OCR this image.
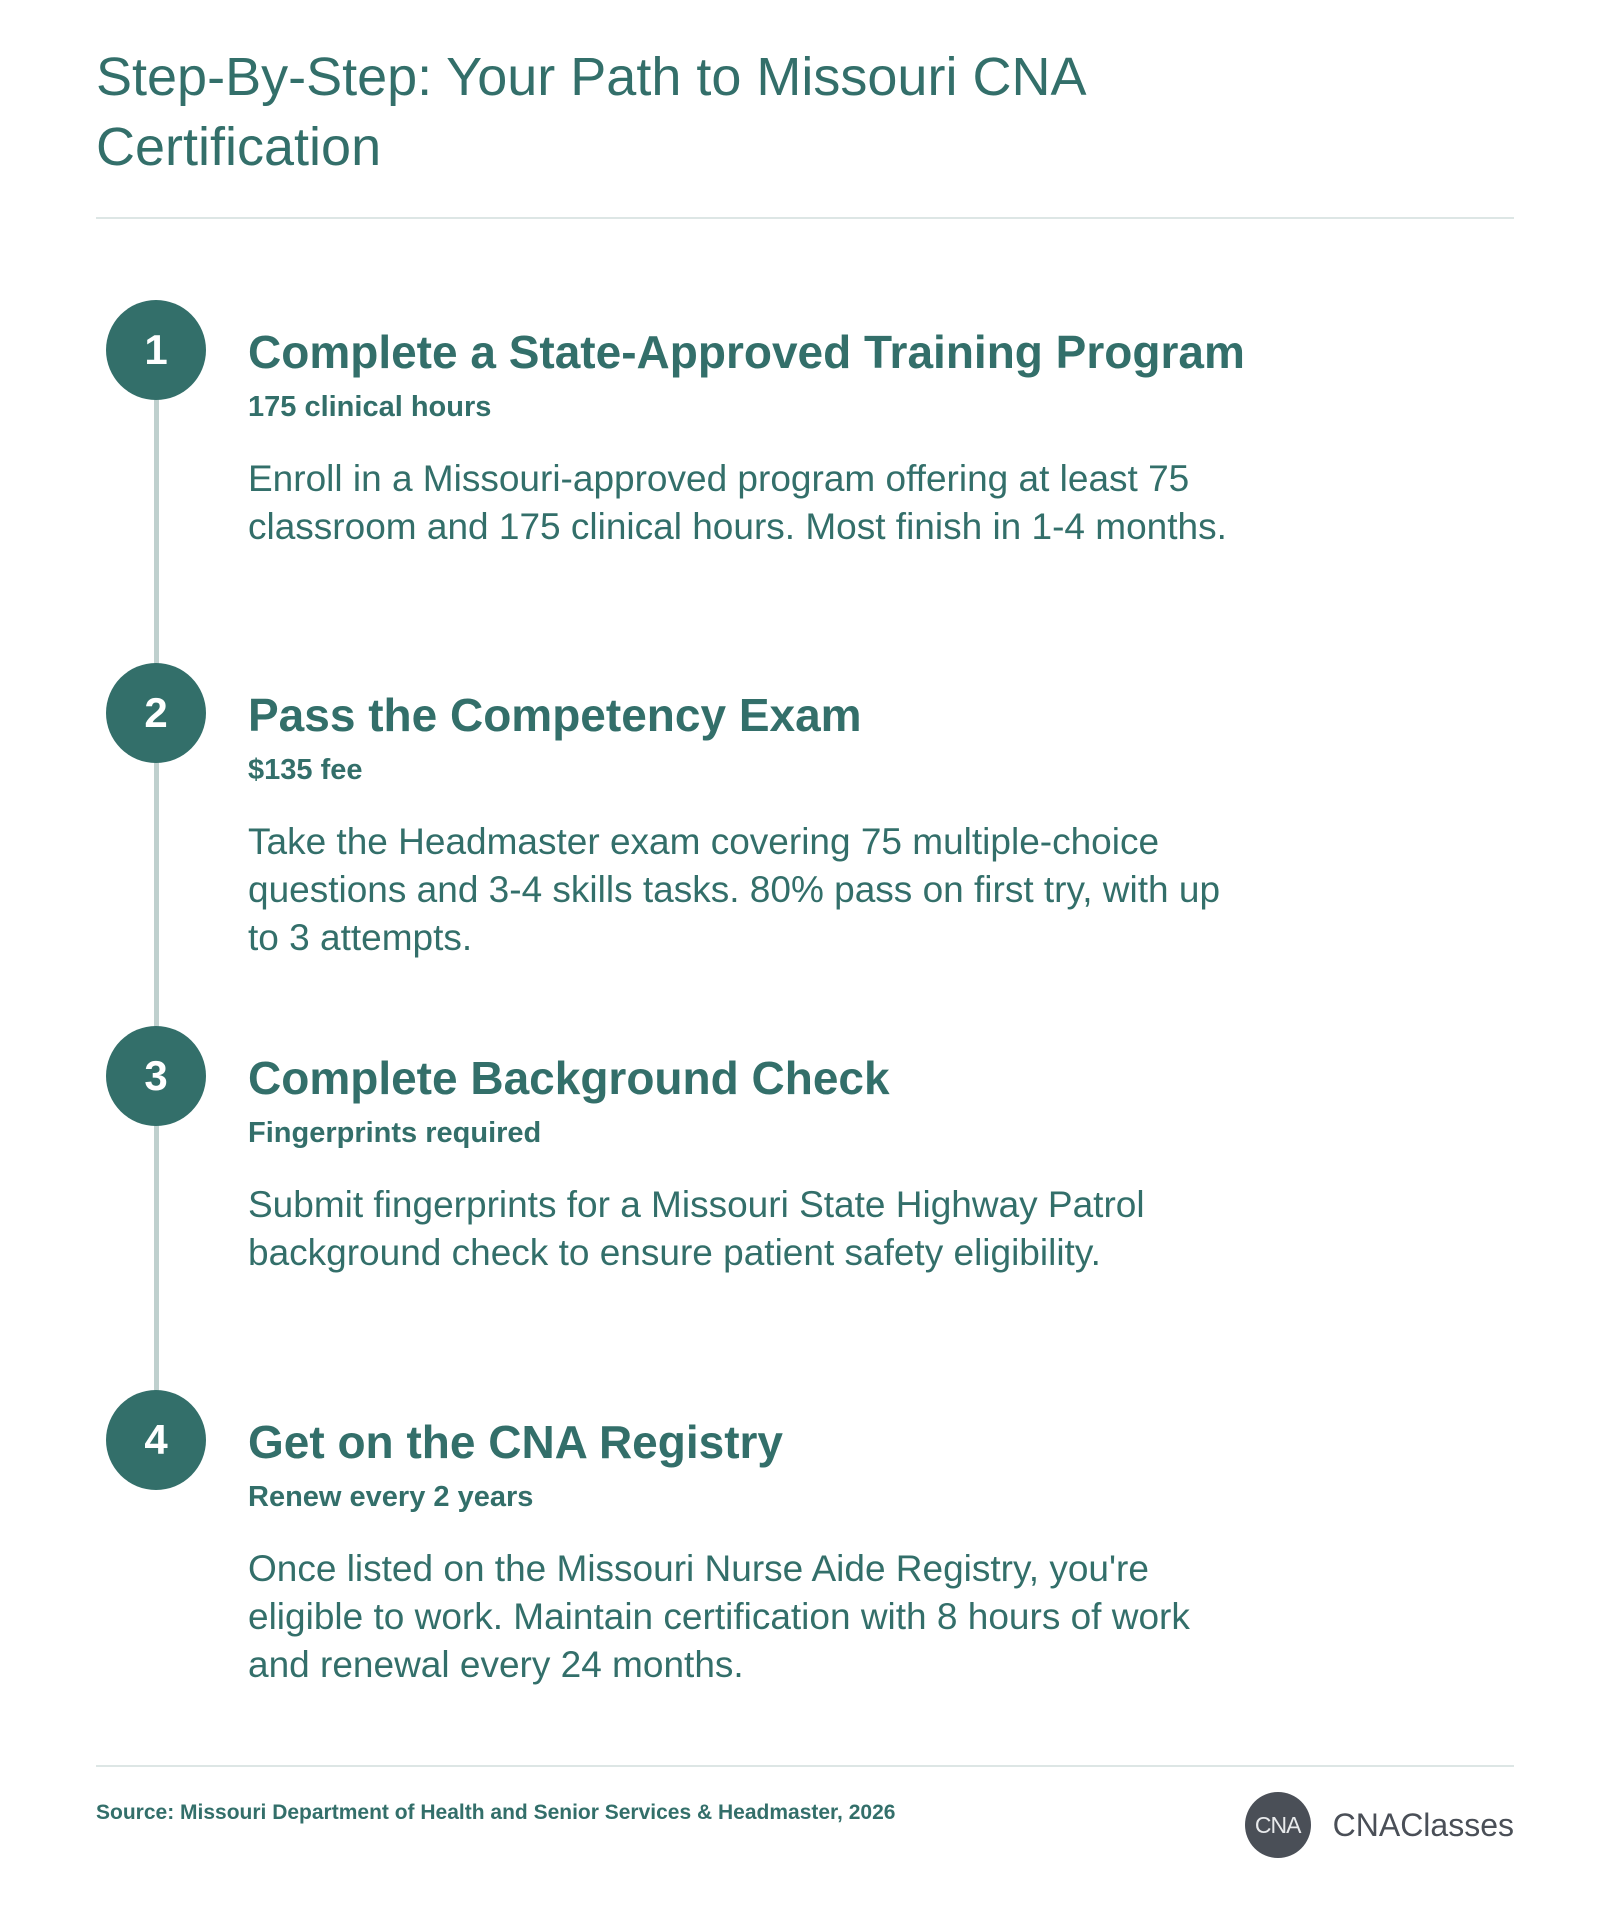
Step-By-Step: Your Path to Missouri CNA Certification
1	Complete a State-Approved Training Program
175 clinical hours
Enroll in a Missouri-approved program offering at least 75 classroom and 175 clinical hours. Most finish in 1-4 months.
2	Pass the Competency Exam
$135 fee
Take the Headmaster exam covering 75 multiple-choice questions and 3-4 skills tasks. 80% pass on first try, with up to 3 attempts.
3	Complete Background Check
Fingerprints required
Submit fingerprints for a Missouri State Highway Patrol background check to ensure patient safety eligibility.
4	Get on the CNA Registry
Renew every 2 years
Once listed on the Missouri Nurse Aide Registry, you're eligible to work. Maintain certification with 8 hours of work and renewal every 24 months.
Source: Missouri Department of Health and Senior Services & Headmaster, 2026	CNA	CNAClasses
